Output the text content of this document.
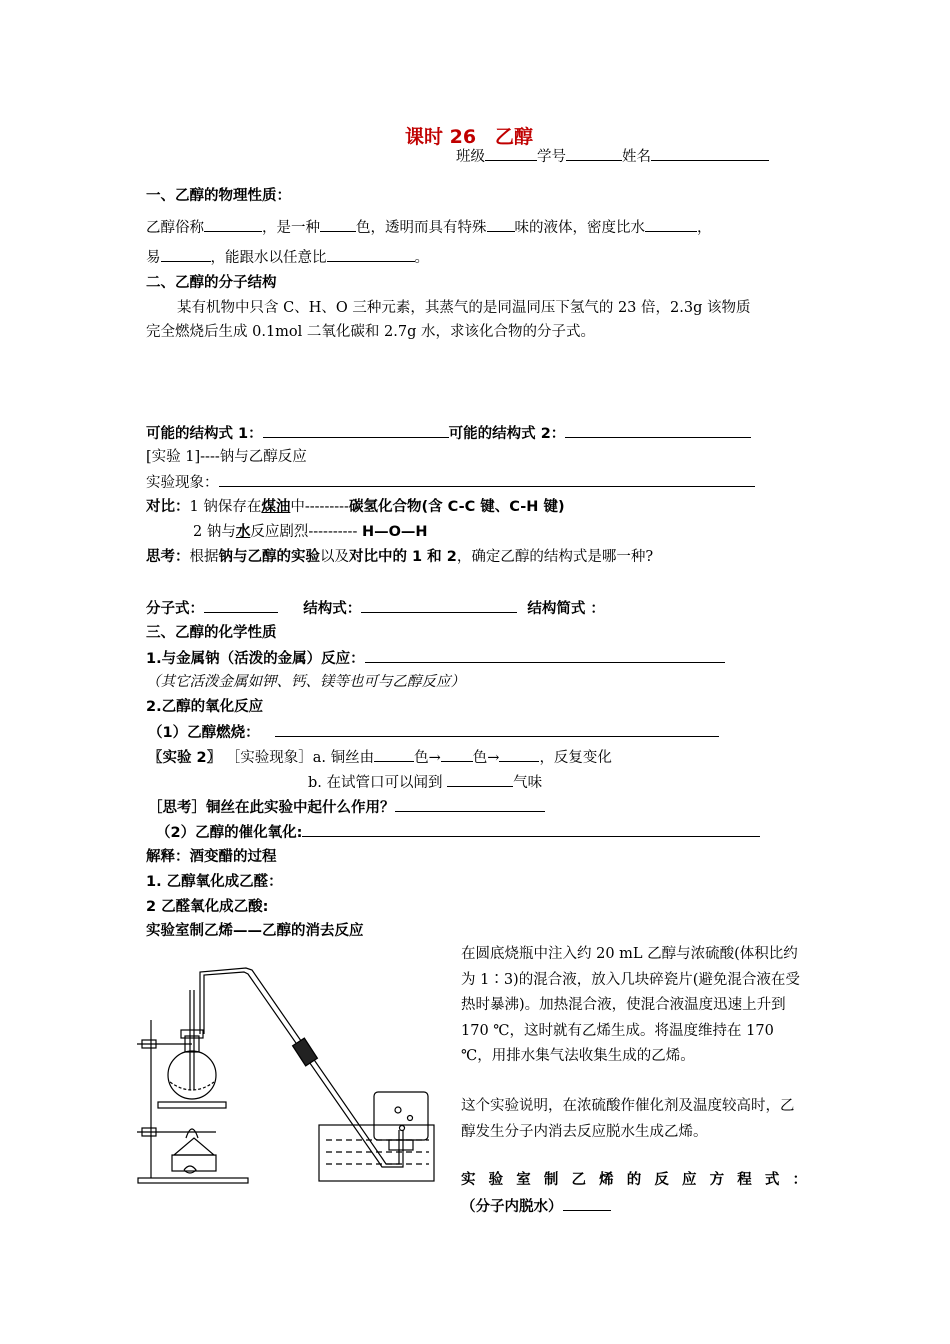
课时 26　乙醇
班级	学号	姓名
一、乙醇的物理性质：
乙醇俗称	，是一种 色，透明而具有特殊 味的液体，密度比水	，
易	，能跟水以任意比	。
二、乙醇的分子结构
某有机物中只含 C、H、O 三种元素，其蒸气的是同温同压下氢气的 23 倍，2.3g 该物质
完全燃烧后生成 0.1mol 二氧化碳和 2.7g 水，求该化合物的分子式。
可能的结构式 1：	可能的结构式 2：
[实验 1]----钠与乙醇反应
实验现象：
对比：1 钠保存在煤油中---------碳氢化合物(含 C-C 键、C-H 键)
2 钠与水反应剧烈---------- H—O—H
思考：根据钠与乙醇的实验以及对比中的 1 和 2，确定乙醇的结构式是哪一种?
分子式：	结构式：	结构简式 ：
三、乙醇的化学性质
1.与金属钠（活泼的金属）反应：
（其它活泼金属如钾、钙、镁等也可与乙醇反应）
2.乙醇的氧化反应
（1）乙醇燃烧：
〖实验 2〗 ［实验现象］a. 铜丝由	色→ 色→	，反复变化
b. 在试管口可以闻到	气味
［思考］铜丝在此实验中起什么作用？
（2）乙醇的催化氧化:
解释：酒变醋的过程
1. 乙醇氧化成乙醛：
2 乙醛氧化成乙酸:
实验室制乙烯——乙醇的消去反应
在圆底烧瓶中注入约 20 mL 乙醇与浓硫酸(体积比约为 1∶3)的混合液，放入几块碎瓷片(避免混合液在受热时暴沸)。加热混合液，使混合液温度迅速上升到 170 ℃，这时就有乙烯生成。将温度维持在 170 ℃，用排水集气法收集生成的乙烯。
这个实验说明，在浓硫酸作催化剂及温度较高时，乙醇发生分子内消去反应脱水生成乙烯。
实验室制乙烯的反应方程式：
（分子内脱水）
